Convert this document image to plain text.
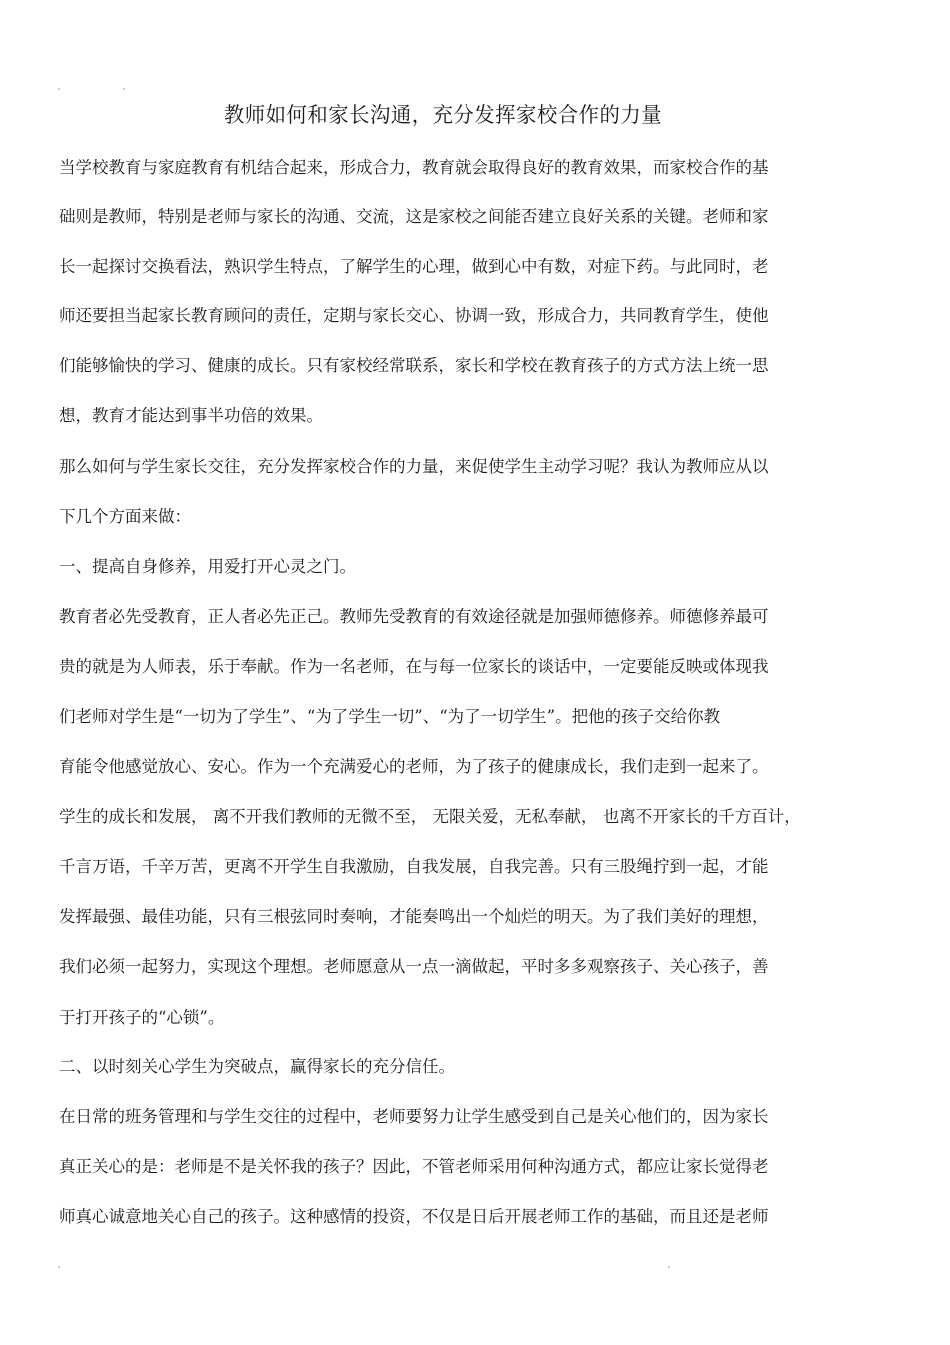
教师如何和家长沟通，充分发挥家校合作的力量
当学校教育与家庭教育有机结合起来，形成合力，教育就会取得良好的教育效果，而家校合作的基
础则是教师，特别是老师与家长的沟通、交流，这是家校之间能否建立良好关系的关键。老师和家
长一起探讨交换看法，熟识学生特点，了解学生的心理，做到心中有数，对症下药。与此同时，老
师还要担当起家长教育顾问的责任，定期与家长交心、协调一致，形成合力，共同教育学生，使他
们能够愉快的学习、健康的成长。只有家校经常联系，家长和学校在教育孩子的方式方法上统一思
想，教育才能达到事半功倍的效果。
那么如何与学生家长交往，充分发挥家校合作的力量，来促使学生主动学习呢？我认为教师应从以
下几个方面来做：
一、提高自身修养，用爱打开心灵之门。
教育者必先受教育，正人者必先正己。教师先受教育的有效途径就是加强师德修养。师德修养最可
贵的就是为人师表，乐于奉献。作为一名老师，在与每一位家长的谈话中，一定要能反映或体现我
们老师对学生是“一切为了学生”、“为了学生一切”、“为了一切学生”。把他的孩子交给你教
育能令他感觉放心、安心。作为一个充满爱心的老师，为了孩子的健康成长，我们走到一起来了。
学生的成长和发展， 离不开我们教师的无微不至， 无限关爱，无私奉献， 也离不开家长的千方百计，
千言万语，千辛万苦，更离不开学生自我激励，自我发展，自我完善。只有三股绳拧到一起，才能
发挥最强、最佳功能，只有三根弦同时奏响，才能奏鸣出一个灿烂的明天。为了我们美好的理想，
我们必须一起努力，实现这个理想。老师愿意从一点一滴做起，平时多多观察孩子、关心孩子，善
于打开孩子的“心锁”。
二、以时刻关心学生为突破点，赢得家长的充分信任。
在日常的班务管理和与学生交往的过程中，老师要努力让学生感受到自己是关心他们的，因为家长
真正关心的是：老师是不是关怀我的孩子？因此，不管老师采用何种沟通方式，都应让家长觉得老
师真心诚意地关心自己的孩子。这种感情的投资，不仅是日后开展老师工作的基础，而且还是老师
